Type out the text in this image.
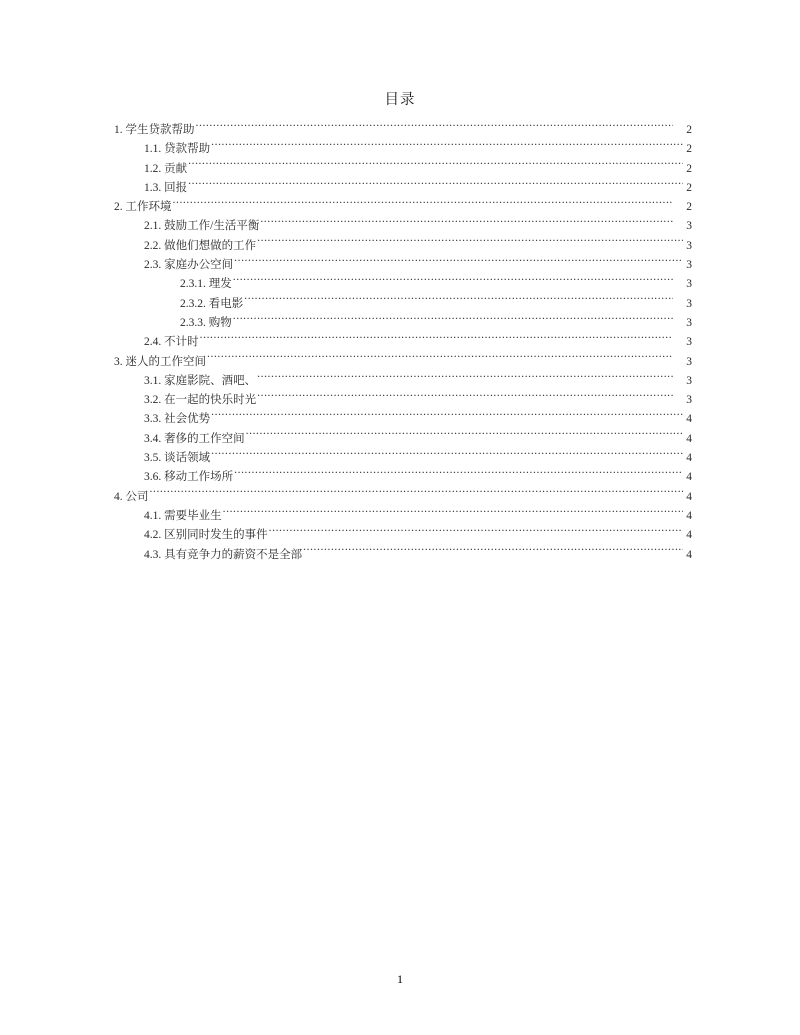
目录
1. 学生贷款帮助 .....	2
1.1. 贷款帮助 .....	2
1.2. 贡献 .....	2
1.3. 回报 .....	2
2. 工作环境 .....	2
2.1. 鼓励工作/生活平衡 .....	3
2.2. 做他们想做的工作 .....	3
2.3. 家庭办公空间 .....	3
2.3.1. 理发 .....	3
2.3.2. 看电影 .....	3
2.3.3. 购物 .....	3
2.4. 不计时 .....	3
3. 迷人的工作空间 .....	3
3.1. 家庭影院、酒吧、 .....	3
3.2. 在一起的快乐时光 .....	3
3.3. 社会优势 .....	4
3.4. 奢侈的工作空间 .....	4
3.5. 谈话领域 .....	4
3.6. 移动工作场所 .....	4
4. 公司 .....	4
4.1. 需要毕业生 .....	4
4.2. 区别同时发生的事件 .....	4
4.3. 具有竞争力的薪资不是全部 .....	4
1
